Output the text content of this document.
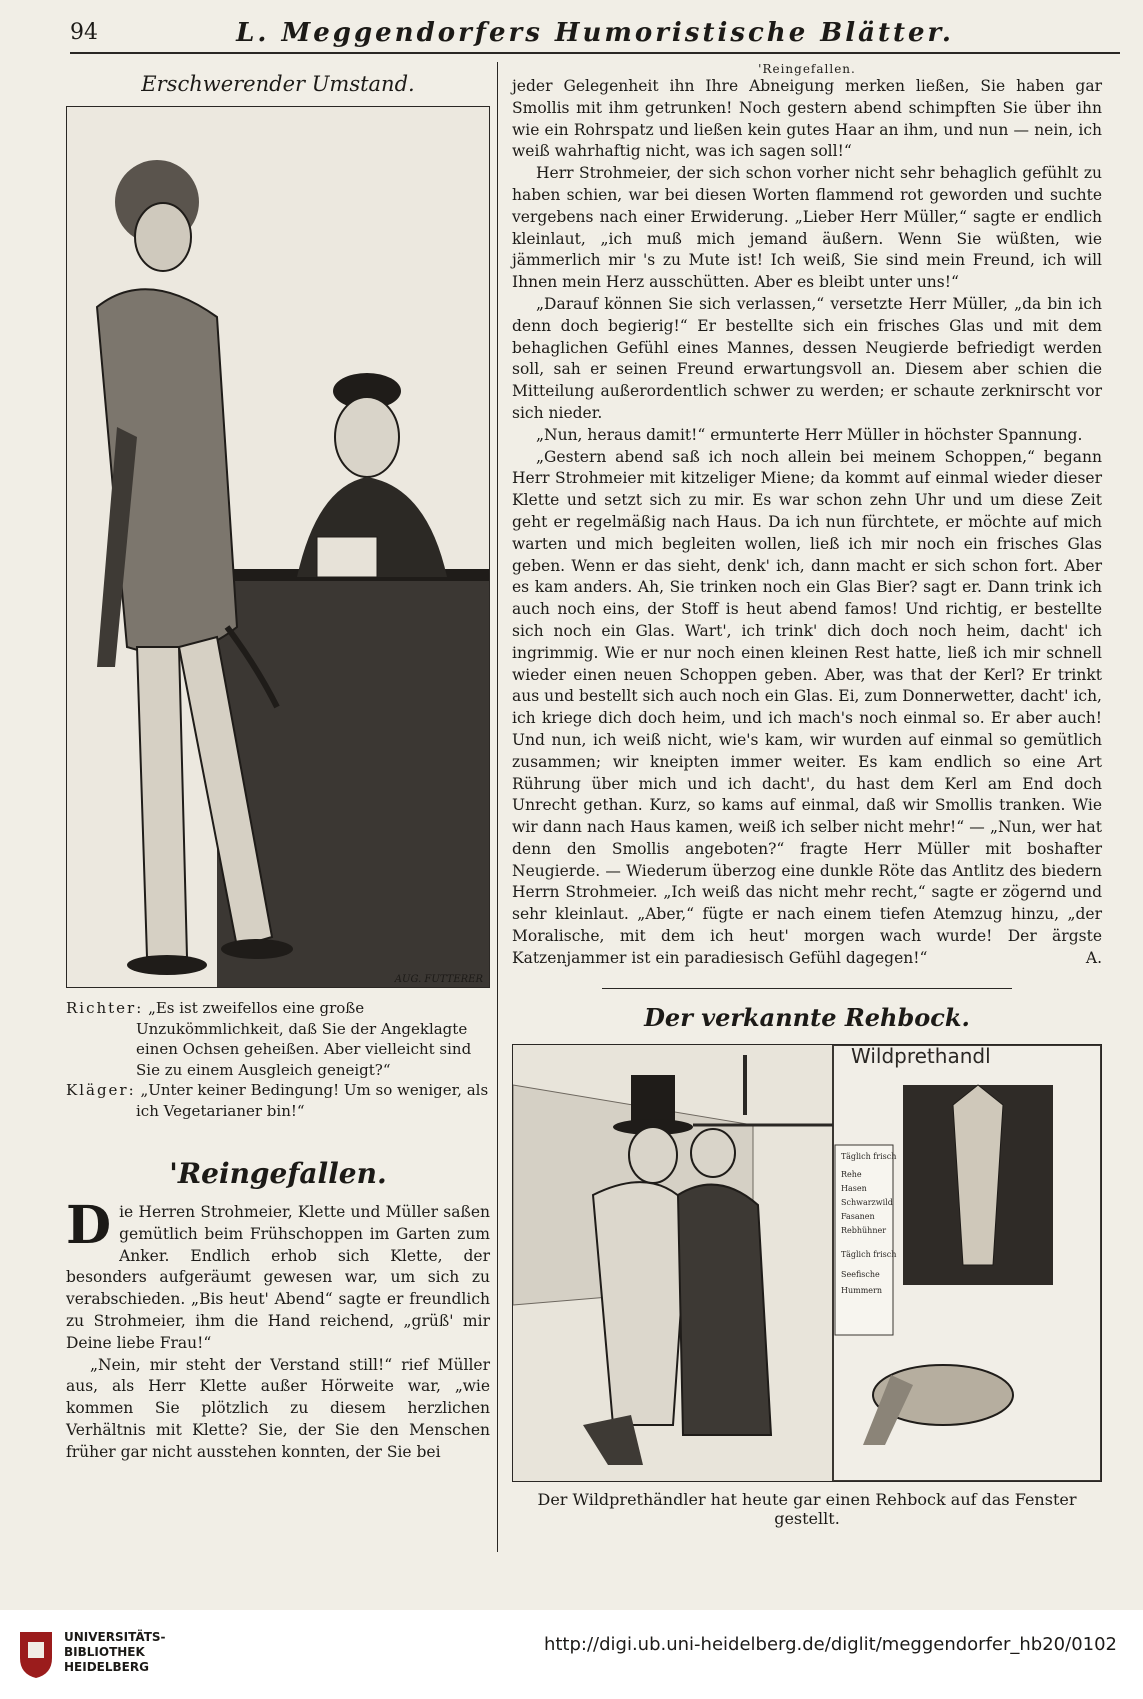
94	L. Meggendorfers Humoristische Blätter.
Erschwerender Umstand.
AUG. FUTTERER

Richter: „Es ist zweifellos eine große Unzukömmlichkeit, daß Sie der Angeklagte einen Ochsen geheißen. Aber vielleicht sind Sie zu einem Ausgleich geneigt?“

Kläger: „Unter keiner Bedingung! Um so weniger, als ich Vegetarianer bin!“

'Reingefallen.

Die Herren Strohmeier, Klette und Müller saßen gemütlich beim Frühschoppen im Garten zum Anker. Endlich erhob sich Klette, der besonders aufgeräumt gewesen war, um sich zu verabschieden. „Bis heut' Abend“ sagte er freundlich zu Strohmeier, ihm die Hand reichend, „grüß' mir Deine liebe Frau!“

„Nein, mir steht der Verstand still!“ rief Müller aus, als Herr Klette außer Hörweite war, „wie kommen Sie plötzlich zu diesem herzlichen Verhältnis mit Klette? Sie, der Sie den Menschen früher gar nicht ausstehen konnten, der Sie bei

'Reingefallen.

jeder Gelegenheit ihn Ihre Abneigung merken ließen, Sie haben gar Smollis mit ihm getrunken! Noch gestern abend schimpften Sie über ihn wie ein Rohrspatz und ließen kein gutes Haar an ihm, und nun — nein, ich weiß wahrhaftig nicht, was ich sagen soll!“

Herr Strohmeier, der sich schon vorher nicht sehr behaglich gefühlt zu haben schien, war bei diesen Worten flammend rot geworden und suchte vergebens nach einer Erwiderung. „Lieber Herr Müller,“ sagte er endlich kleinlaut, „ich muß mich jemand äußern. Wenn Sie wüßten, wie jämmerlich mir 's zu Mute ist! Ich weiß, Sie sind mein Freund, ich will Ihnen mein Herz ausschütten. Aber es bleibt unter uns!“

„Darauf können Sie sich verlassen,“ versetzte Herr Müller, „da bin ich denn doch begierig!“ Er bestellte sich ein frisches Glas und mit dem behaglichen Gefühl eines Mannes, dessen Neugierde befriedigt werden soll, sah er seinen Freund erwartungsvoll an. Diesem aber schien die Mitteilung außerordentlich schwer zu werden; er schaute zerknirscht vor sich nieder.

„Nun, heraus damit!“ ermunterte Herr Müller in höchster Spannung.

„Gestern abend saß ich noch allein bei meinem Schoppen,“ begann Herr Strohmeier mit kitzeliger Miene; da kommt auf einmal wieder dieser Klette und setzt sich zu mir. Es war schon zehn Uhr und um diese Zeit geht er regelmäßig nach Haus. Da ich nun fürchtete, er möchte auf mich warten und mich begleiten wollen, ließ ich mir noch ein frisches Glas geben. Wenn er das sieht, denk' ich, dann macht er sich schon fort. Aber es kam anders. Ah, Sie trinken noch ein Glas Bier? sagt er. Dann trink ich auch noch eins, der Stoff is heut abend famos! Und richtig, er bestellte sich noch ein Glas. Wart', ich trink' dich doch noch heim, dacht' ich ingrimmig. Wie er nur noch einen kleinen Rest hatte, ließ ich mir schnell wieder einen neuen Schoppen geben. Aber, was that der Kerl? Er trinkt aus und bestellt sich auch noch ein Glas. Ei, zum Donnerwetter, dacht' ich, ich kriege dich doch heim, und ich mach's noch einmal so. Er aber auch! Und nun, ich weiß nicht, wie's kam, wir wurden auf einmal so gemütlich zusammen; wir kneipten immer weiter. Es kam endlich so eine Art Rührung über mich und ich dacht', du hast dem Kerl am End doch Unrecht gethan. Kurz, so kams auf einmal, daß wir Smollis tranken. Wie wir dann nach Haus kamen, weiß ich selber nicht mehr!“ — „Nun, wer hat denn den Smollis angeboten?“ fragte Herr Müller mit boshafter Neugierde. — Wiederum überzog eine dunkle Röte das Antlitz des biedern Herrn Strohmeier. „Ich weiß das nicht mehr recht,“ sagte er zögernd und sehr kleinlaut. „Aber,“ fügte er nach einem tiefen Atemzug hinzu, „der Moralische, mit dem ich heut' morgen wach wurde! Der ärgste Katzenjammer ist ein paradiesisch Gefühl dagegen!“	A.

Der verkannte Rehbock.
Wildprethandl
Täglich frisch
Rehe
Hasen
Schwarzwild
Fasanen
Rebhühner
Täglich frisch
Seefische
Hummern
Der Wildprethändler hat heute gar einen Rehbock auf das Fenster gestellt.
UNIVERSITÄTS-
BIBLIOTHEK
HEIDELBERG
http://digi.ub.uni-heidelberg.de/diglit/meggendorfer_hb20/0102
